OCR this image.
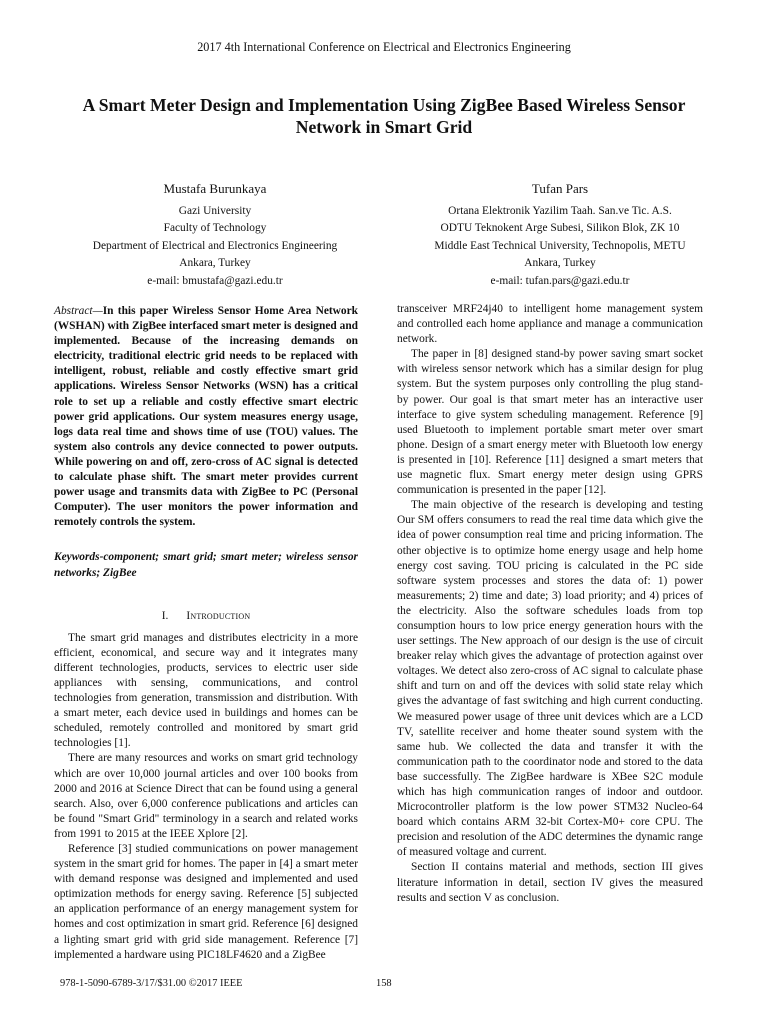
2017 4th International Conference on Electrical and Electronics Engineering
A Smart Meter Design and Implementation Using ZigBee Based Wireless Sensor Network in Smart Grid
Mustafa Burunkaya
Gazi University
Faculty of Technology
Department of Electrical and Electronics Engineering
Ankara, Turkey
e-mail: bmustafa@gazi.edu.tr
Tufan Pars
Ortana Elektronik Yazilim Taah. San.ve Tic. A.S.
ODTU Teknokent Arge Subesi, Silikon Blok, ZK 10
Middle East Technical University, Technopolis, METU
Ankara, Turkey
e-mail: tufan.pars@gazi.edu.tr

Abstract—In this paper Wireless Sensor Home Area Network (WSHAN) with ZigBee interfaced smart meter is designed and implemented. Because of the increasing demands on electricity, traditional electric grid needs to be replaced with intelligent, robust, reliable and costly effective smart grid applications. Wireless Sensor Networks (WSN) has a critical role to set up a reliable and costly effective smart electric power grid applications. Our system measures energy usage, logs data real time and shows time of use (TOU) values. The system also controls any device connected to power outputs. While powering on and off, zero-cross of AC signal is detected to calculate phase shift. The smart meter provides current power usage and transmits data with ZigBee to PC (Personal Computer). The user monitors the power information and remotely controls the system.

Keywords-component; smart grid; smart meter; wireless sensor networks; ZigBee

I. Introduction

The smart grid manages and distributes electricity in a more efficient, economical, and secure way and it integrates many different technologies, products, services to electric user side appliances with sensing, communications, and control technologies from generation, transmission and distribution. With a smart meter, each device used in buildings and homes can be scheduled, remotely controlled and monitored by smart grid technologies [1].

There are many resources and works on smart grid technology which are over 10,000 journal articles and over 100 books from 2000 and 2016 at Science Direct that can be found using a general search. Also, over 6,000 conference publications and articles can be found "Smart Grid" terminology in a search and related works from 1991 to 2015 at the IEEE Xplore [2].

Reference [3] studied communications on power management system in the smart grid for homes. The paper in [4] a smart meter with demand response was designed and implemented and used optimization methods for energy saving. Reference [5] subjected an application performance of an energy management system for homes and cost optimization in smart grid. Reference [6] designed a lighting smart grid with grid side management. Reference [7] implemented a hardware using PIC18LF4620 and a ZigBee

transceiver MRF24j40 to intelligent home management system and controlled each home appliance and manage a communication network.

The paper in [8] designed stand-by power saving smart socket with wireless sensor network which has a similar design for plug system. But the system purposes only controlling the plug stand-by power. Our goal is that smart meter has an interactive user interface to give system scheduling management. Reference [9] used Bluetooth to implement portable smart meter over smart phone. Design of a smart energy meter with Bluetooth low energy is presented in [10]. Reference [11] designed a smart meters that use magnetic flux. Smart energy meter design using GPRS communication is presented in the paper [12].

The main objective of the research is developing and testing Our SM offers consumers to read the real time data which give the idea of power consumption real time and pricing information. The other objective is to optimize home energy usage and help home energy cost saving. TOU pricing is calculated in the PC side software system processes and stores the data of: 1) power measurements; 2) time and date; 3) load priority; and 4) prices of the electricity. Also the software schedules loads from top consumption hours to low price energy generation hours with the user settings. The New approach of our design is the use of circuit breaker relay which gives the advantage of protection against over voltages. We detect also zero-cross of AC signal to calculate phase shift and turn on and off the devices with solid state relay which gives the advantage of fast switching and high current conducting. We measured power usage of three unit devices which are a LCD TV, satellite receiver and home theater sound system with the same hub. We collected the data and transfer it with the communication path to the coordinator node and stored to the data base successfully. The ZigBee hardware is XBee S2C module which has high communication ranges of indoor and outdoor. Microcontroller platform is the low power STM32 Nucleo-64 board which contains ARM 32-bit Cortex-M0+ core CPU. The precision and resolution of the ADC determines the dynamic range of measured voltage and current.

Section II contains material and methods, section III gives literature information in detail, section IV gives the measured results and section V as conclusion.

978-1-5090-6789-3/17/$31.00 ©2017 IEEE	158
